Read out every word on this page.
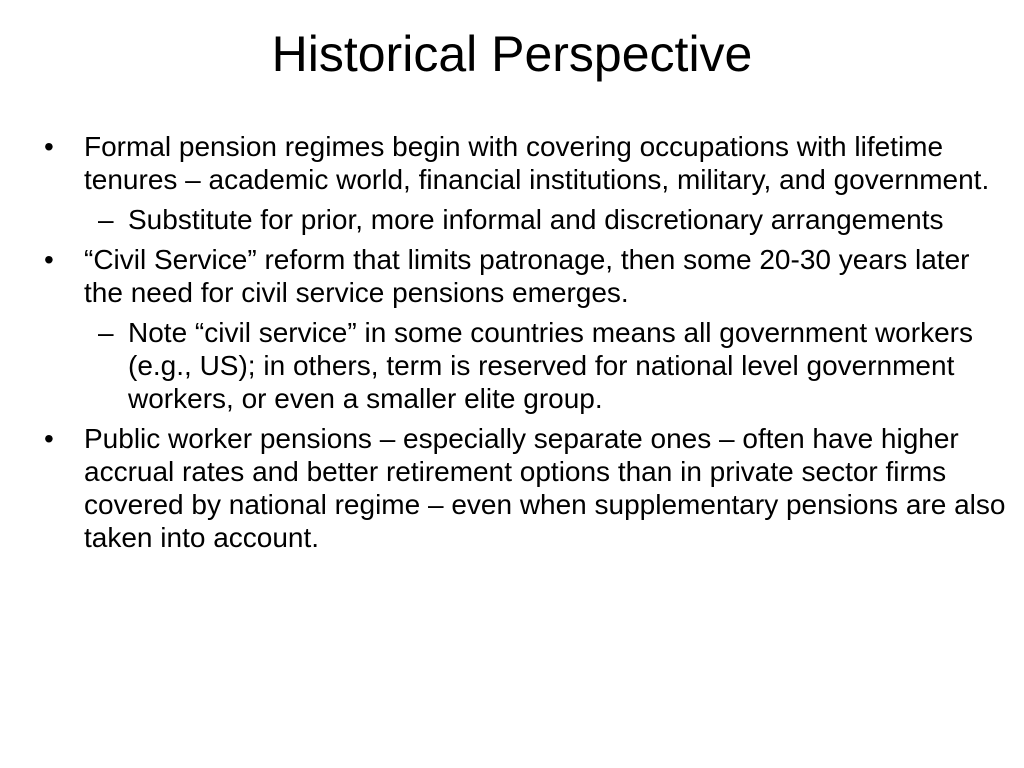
Historical Perspective
• Formal pension regimes begin with covering occupations with lifetime tenures – academic world, financial institutions, military, and government.
– Substitute for prior, more informal and discretionary arrangements
• “Civil Service” reform that limits patronage, then some 20-30 years later the need for civil service pensions emerges.
– Note “civil service” in some countries means all government workers (e.g., US); in others, term is reserved for national level government workers, or even a smaller elite group.
• Public worker pensions – especially separate ones – often have higher accrual rates and better retirement options than in private sector firms covered by national regime – even when supplementary pensions are also taken into account.
